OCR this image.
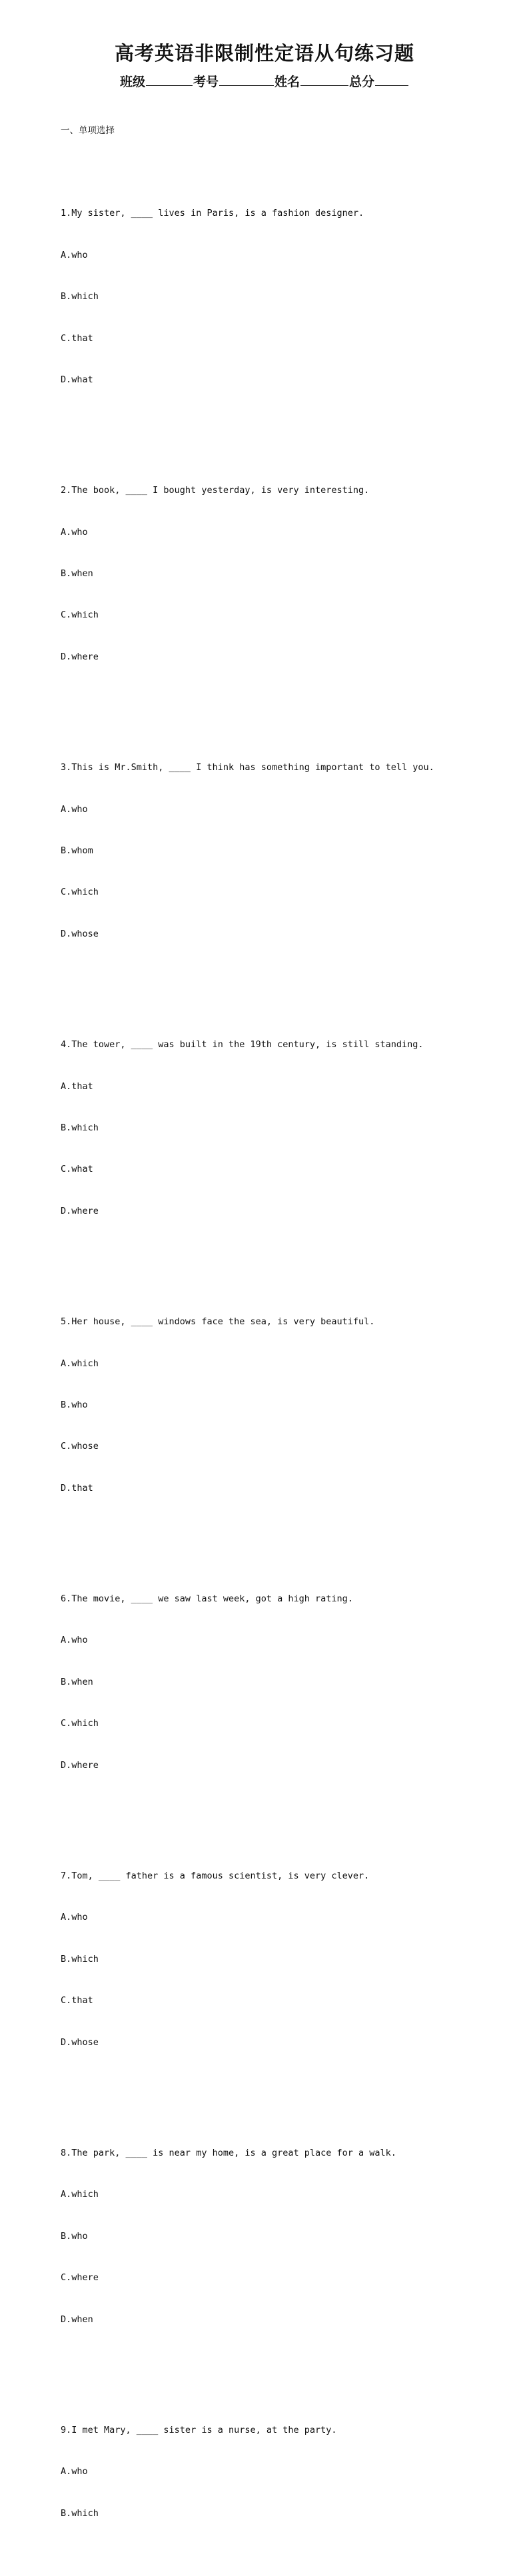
高考英语非限制性定语从句练习题
班级	考号	姓名	总分

一、单项选择

1.My sister, ____ lives in Paris, is a fashion designer.

A.who

B.which

C.that

D.what

2.The book, ____ I bought yesterday, is very interesting.

A.who

B.when

C.which

D.where

3.This is Mr.Smith, ____ I think has something important to tell you.

A.who

B.whom

C.which

D.whose

4.The tower, ____ was built in the 19th century, is still standing.

A.that

B.which

C.what

D.where

5.Her house, ____ windows face the sea, is very beautiful.

A.which

B.who

C.whose

D.that

6.The movie, ____ we saw last week, got a high rating.

A.who

B.when

C.which

D.where

7.Tom, ____ father is a famous scientist, is very clever.

A.who

B.which

C.that

D.whose

8.The park, ____ is near my home, is a great place for a walk.

A.which

B.who

C.where

D.when

9.I met Mary, ____ sister is a nurse, at the party.

A.who

B.which
